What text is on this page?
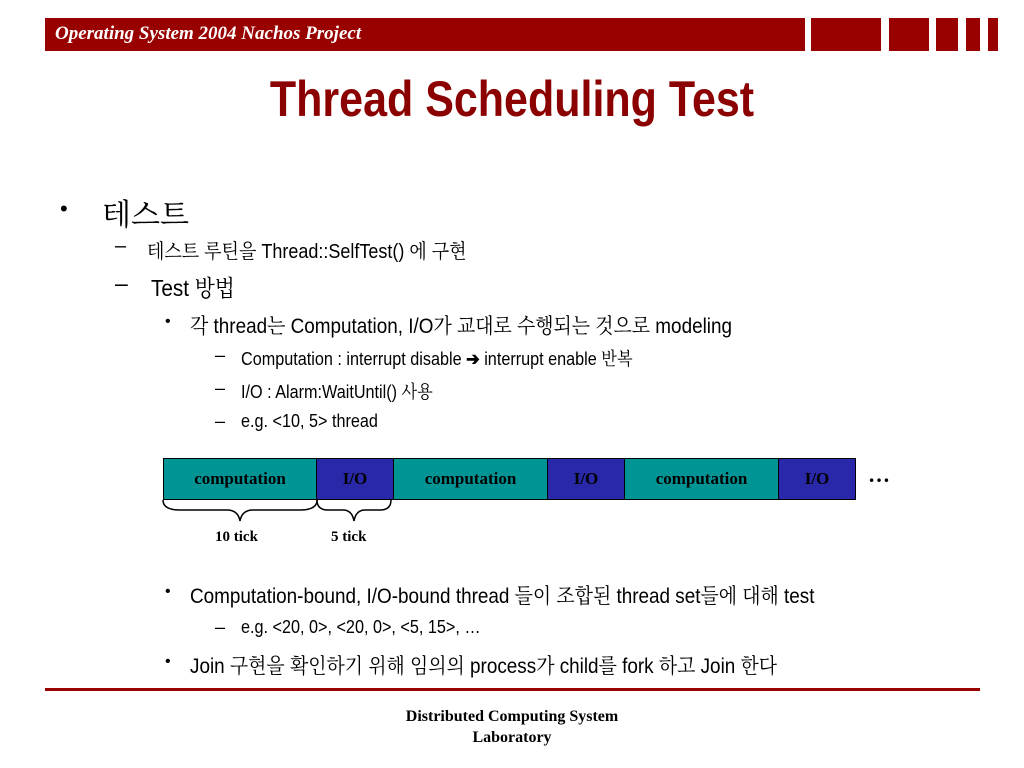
Operating System 2004 Nachos Project
Thread Scheduling Test
• 테스트
– 테스트 루틴을 Thread::SelfTest() 에 구현
– Test 방법
• 각 thread는 Computation, I/O가 교대로 수행되는 것으로 modeling
– Computation : interrupt disable ➔ interrupt enable 반복
– I/O : Alarm:WaitUntil() 사용
– e.g. <10, 5> thread
computation	I/O	computation	I/O	computation	I/O	…
10 tick	5 tick
• Computation-bound, I/O-bound thread 들이 조합된 thread set들에 대해 test
– e.g. <20, 0>, <20, 0>, <5, 15>, …
• Join 구현을 확인하기 위해 임의의 process가 child를 fork 하고 Join 한다
Distributed Computing System
Laboratory
